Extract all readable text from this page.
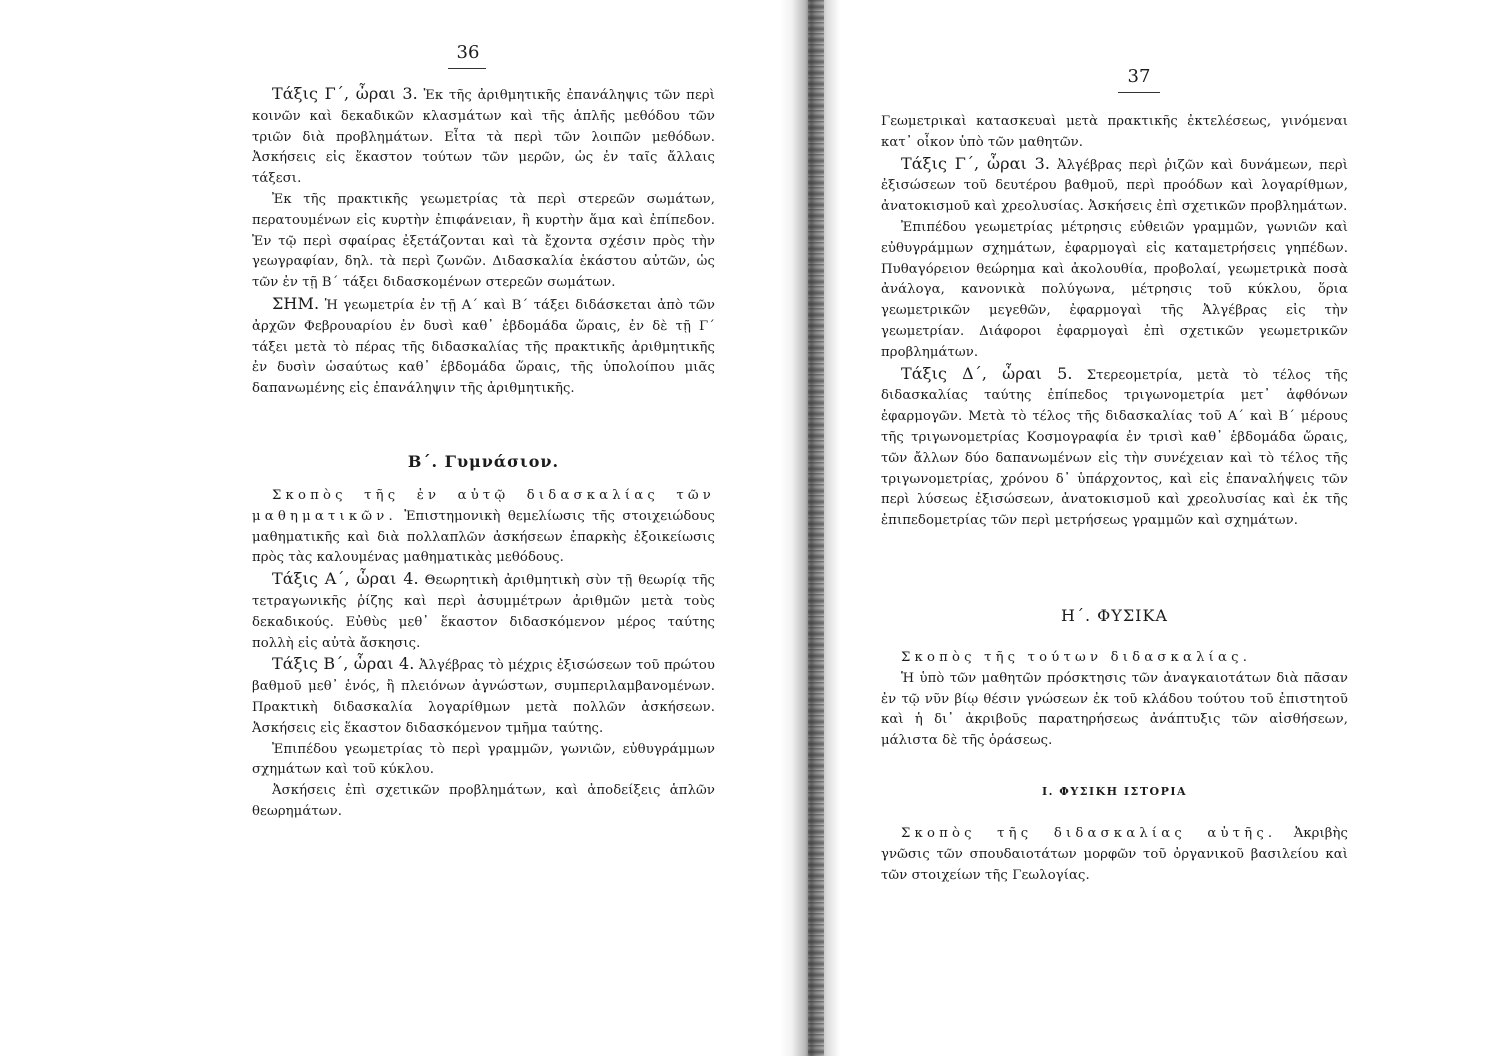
36

Τάξις Γ΄, ὦραι 3. Ἐκ τῆς ἀριθμητικῆς ἐπανάληψις τῶν περὶ κοινῶν καὶ δεκαδικῶν κλασμάτων καὶ τῆς ἁπλῆς μεθόδου τῶν τριῶν διὰ προβλημάτων. Εἶτα τὰ περὶ τῶν λοιπῶν μεθόδων. Ἀσκήσεις εἰς ἕκαστον τούτων τῶν μερῶν, ὡς ἐν ταῖς ἄλλαις τάξεσι.

Ἐκ τῆς πρακτικῆς γεωμετρίας τὰ περὶ στερεῶν σωμάτων, περατουμένων εἰς κυρτὴν ἐπιφάνειαν, ἢ κυρτὴν ἅμα καὶ ἐπίπεδον. Ἐν τῷ περὶ σφαίρας ἐξετάζονται καὶ τὰ ἔχοντα σχέσιν πρὸς τὴν γεωγραφίαν, δηλ. τὰ περὶ ζωνῶν. Διδασκαλία ἑκάστου αὐτῶν, ὡς τῶν ἐν τῇ Β΄ τάξει διδασκομένων στερεῶν σωμάτων.

ΣΗΜ. Ἡ γεωμετρία ἐν τῇ Α΄ καὶ Β΄ τάξει διδάσκεται ἀπὸ τῶν ἀρχῶν Φεβρουαρίου ἐν δυσὶ καθ᾽ ἑβδομάδα ὥραις, ἐν δὲ τῇ Γ΄ τάξει μετὰ τὸ πέρας τῆς διδασκαλίας τῆς πρακτικῆς ἀριθμητικῆς ἐν δυσὶν ὡσαύτως καθ᾽ ἑβδομάδα ὥραις, τῆς ὑπολοίπου μιᾶς δαπανωμένης εἰς ἐπανάληψιν τῆς ἀριθμητικῆς.

Β΄. Γυμνάσιον.

Σκοπὸς τῆς ἐν αὐτῷ διδασκαλίας τῶν μαθηματικῶν. Ἐπιστημονικὴ θεμελίωσις τῆς στοιχειώδους μαθηματικῆς καὶ διὰ πολλαπλῶν ἀσκήσεων ἐπαρκὴς ἐξοικείωσις πρὸς τὰς καλουμένας μαθηματικὰς μεθόδους.

Τάξις Α΄, ὧραι 4. Θεωρητικὴ ἀριθμητικὴ σὺν τῇ θεωρίᾳ τῆς τετραγωνικῆς ῥίζης καὶ περὶ ἀσυμμέτρων ἀριθμῶν μετὰ τοὺς δεκαδικούς. Εὐθὺς μεθ᾽ ἕκαστον διδασκόμενον μέρος ταύτης πολλὴ εἰς αὐτὰ ἄσκησις.

Τάξις Β΄, ὧραι 4. Ἀλγέβρας τὸ μέχρις ἐξισώσεων τοῦ πρώτου βαθμοῦ μεθ᾽ ἑνός, ἢ πλειόνων ἀγνώστων, συμπεριλαμβανομένων. Πρακτικὴ διδασκαλία λογαρίθμων μετὰ πολλῶν ἀσκήσεων. Ἀσκήσεις εἰς ἕκαστον διδασκόμενον τμῆμα ταύτης.

Ἐπιπέδου γεωμετρίας τὸ περὶ γραμμῶν, γωνιῶν, εὐθυγράμμων σχημάτων καὶ τοῦ κύκλου.

Ἀσκήσεις ἐπὶ σχετικῶν προβλημάτων, καὶ ἀποδείξεις ἁπλῶν θεωρημάτων.

37

Γεωμετρικαὶ κατασκευαὶ μετὰ πρακτικῆς ἐκτελέσεως, γινόμεναι κατ᾽ οἶκον ὑπὸ τῶν μαθητῶν.

Τάξις Γ΄, ὧραι 3. Ἀλγέβρας περὶ ῥιζῶν καὶ δυνάμεων, περὶ ἐξισώσεων τοῦ δευτέρου βαθμοῦ, περὶ προόδων καὶ λογαρίθμων, ἀνατοκισμοῦ καὶ χρεολυσίας. Ἀσκήσεις ἐπὶ σχετικῶν προβλημάτων.

Ἐπιπέδου γεωμετρίας μέτρησις εὐθειῶν γραμμῶν, γωνιῶν καὶ εὐθυγράμμων σχημάτων, ἐφαρμογαὶ εἰς καταμετρήσεις γηπέδων. Πυθαγόρειον θεώρημα καὶ ἀκολουθία, προβολαί, γεωμετρικὰ ποσὰ ἀνάλογα, κανονικὰ πολύγωνα, μέτρησις τοῦ κύκλου, ὅρια γεωμετρικῶν μεγεθῶν, ἐφαρμογαὶ τῆς Ἀλγέβρας εἰς τὴν γεωμετρίαν. Διάφοροι ἐφαρμογαὶ ἐπὶ σχετικῶν γεωμετρικῶν προβλημάτων.

Τάξις Δ΄, ὧραι 5. Στερεομετρία, μετὰ τὸ τέλος τῆς διδασκαλίας ταύτης ἐπίπεδος τριγωνομετρία μετ᾽ ἀφθόνων ἐφαρμογῶν. Μετὰ τὸ τέλος τῆς διδασκαλίας τοῦ Α΄ καὶ Β΄ μέρους τῆς τριγωνομετρίας Κοσμογραφία ἐν τρισὶ καθ᾽ ἑβδομάδα ὥραις, τῶν ἄλλων δύο δαπανωμένων εἰς τὴν συνέχειαν καὶ τὸ τέλος τῆς τριγωνομετρίας, χρόνου δ᾽ ὑπάρχοντος, καὶ εἰς ἐπαναλήψεις τῶν περὶ λύσεως ἐξισώσεων, ἀνατοκισμοῦ καὶ χρεολυσίας καὶ ἐκ τῆς ἐπιπεδομετρίας τῶν περὶ μετρήσεως γραμμῶν καὶ σχημάτων.

Η΄. ΦΥΣΙΚΑ

Σκοπὸς τῆς τούτων διδασκαλίας.

Ἡ ὑπὸ τῶν μαθητῶν πρόσκτησις τῶν ἀναγκαιοτάτων διὰ πᾶσαν ἐν τῷ νῦν βίῳ θέσιν γνώσεων ἐκ τοῦ κλάδου τούτου τοῦ ἐπιστητοῦ καὶ ἡ δι᾽ ἀκριβοῦς παρατηρήσεως ἀνάπτυξις τῶν αἰσθήσεων, μάλιστα δὲ τῆς ὁράσεως.

Ι. ΦΥΣΙΚΗ ΙΣΤΟΡΙΑ

Σκοπὸς τῆς διδασκαλίας αὐτῆς. Ἀκριβὴς γνῶσις τῶν σπουδαιοτάτων μορφῶν τοῦ ὀργανικοῦ βασιλείου καὶ τῶν στοιχείων τῆς Γεωλογίας.
